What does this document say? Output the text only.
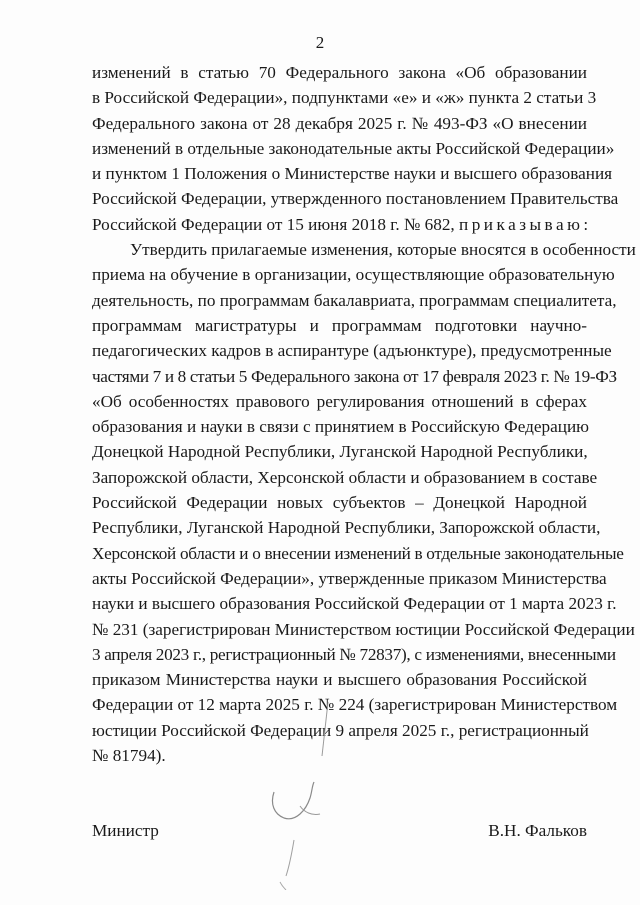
2
изменений в статью 70 Федерального закона «Об образовании
в Российской Федерации», подпунктами «е» и «ж» пункта 2 статьи 3
Федерального закона от 28 декабря 2025 г. № 493-ФЗ «О внесении
изменений в отдельные законодательные акты Российской Федерации»
и пунктом 1 Положения о Министерстве науки и высшего образования
Российской Федерации, утвержденного постановлением Правительства
Российской Федерации от 15 июня 2018 г. № 682, приказываю:
Утвердить прилагаемые изменения, которые вносятся в особенности
приема на обучение в организации, осуществляющие образовательную
деятельность, по программам бакалавриата, программам специалитета,
программам магистратуры и программам подготовки научно-
педагогических кадров в аспирантуре (адъюнктуре), предусмотренные
частями 7 и 8 статьи 5 Федерального закона от 17 февраля 2023 г. № 19-ФЗ
«Об особенностях правового регулирования отношений в сферах
образования и науки в связи с принятием в Российскую Федерацию
Донецкой Народной Республики, Луганской Народной Республики,
Запорожской области, Херсонской области и образованием в составе
Российской Федерации новых субъектов – Донецкой Народной
Республики, Луганской Народной Республики, Запорожской области,
Херсонской области и о внесении изменений в отдельные законодательные
акты Российской Федерации», утвержденные приказом Министерства
науки и высшего образования Российской Федерации от 1 марта 2023 г.
№ 231 (зарегистрирован Министерством юстиции Российской Федерации
3 апреля 2023 г., регистрационный № 72837), с изменениями, внесенными
приказом Министерства науки и высшего образования Российской
Федерации от 12 марта 2025 г. № 224 (зарегистрирован Министерством
юстиции Российской Федерации 9 апреля 2025 г., регистрационный
№ 81794).
Министр	В.Н. Фальков
